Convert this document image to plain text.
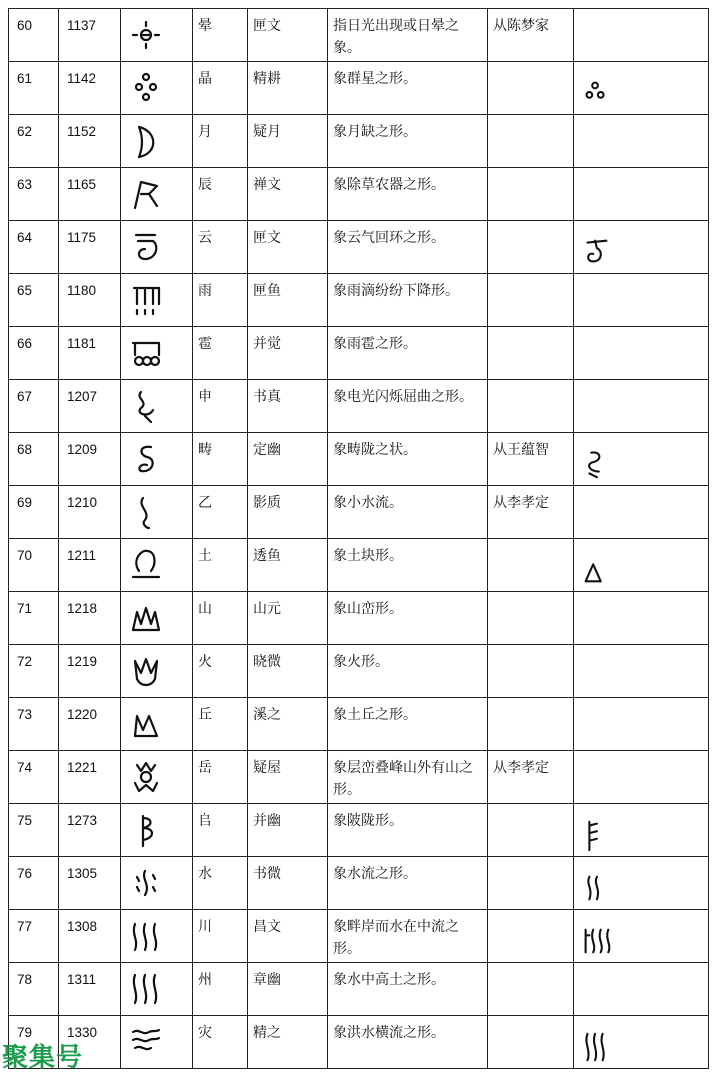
60	1137		晕	匣文	指日光出现或日晕之象。	从陈梦家	
61	1142		晶	精耕	象群星之形。		

62	1152		月	疑月	象月缺之形。		
63	1165		辰	禅文	象除草农器之形。		
64	1175		云	匣文	象云气回环之形。		

65	1180		雨	匣鱼	象雨滴纷纷下降形。		
66	1181		雹	并觉	象雨雹之形。		
67	1207		申	书真	象电光闪烁屈曲之形。		
68	1209		畴	定幽	象畴陇之状。	从王蕴智	

69	1210		乙	影质	象小水流。	从李孝定	
70	1211		土	透鱼	象土块形。		

71	1218		山	山元	象山峦形。		
72	1219		火	晓微	象火形。		
73	1220		丘	溪之	象土丘之形。		
74	1221		岳	疑屋	象层峦叠峰山外有山之形。	从李孝定	
75	1273		𠂤	并幽	象陂陇形。		

76	1305		水	书微	象水流之形。		

77	1308		川	昌文	象畔岸而水在中流之形。		

78	1311		州	章幽	象水中高土之形。		
79	1330		灾	精之	象洪水横流之形。		
聚集号
